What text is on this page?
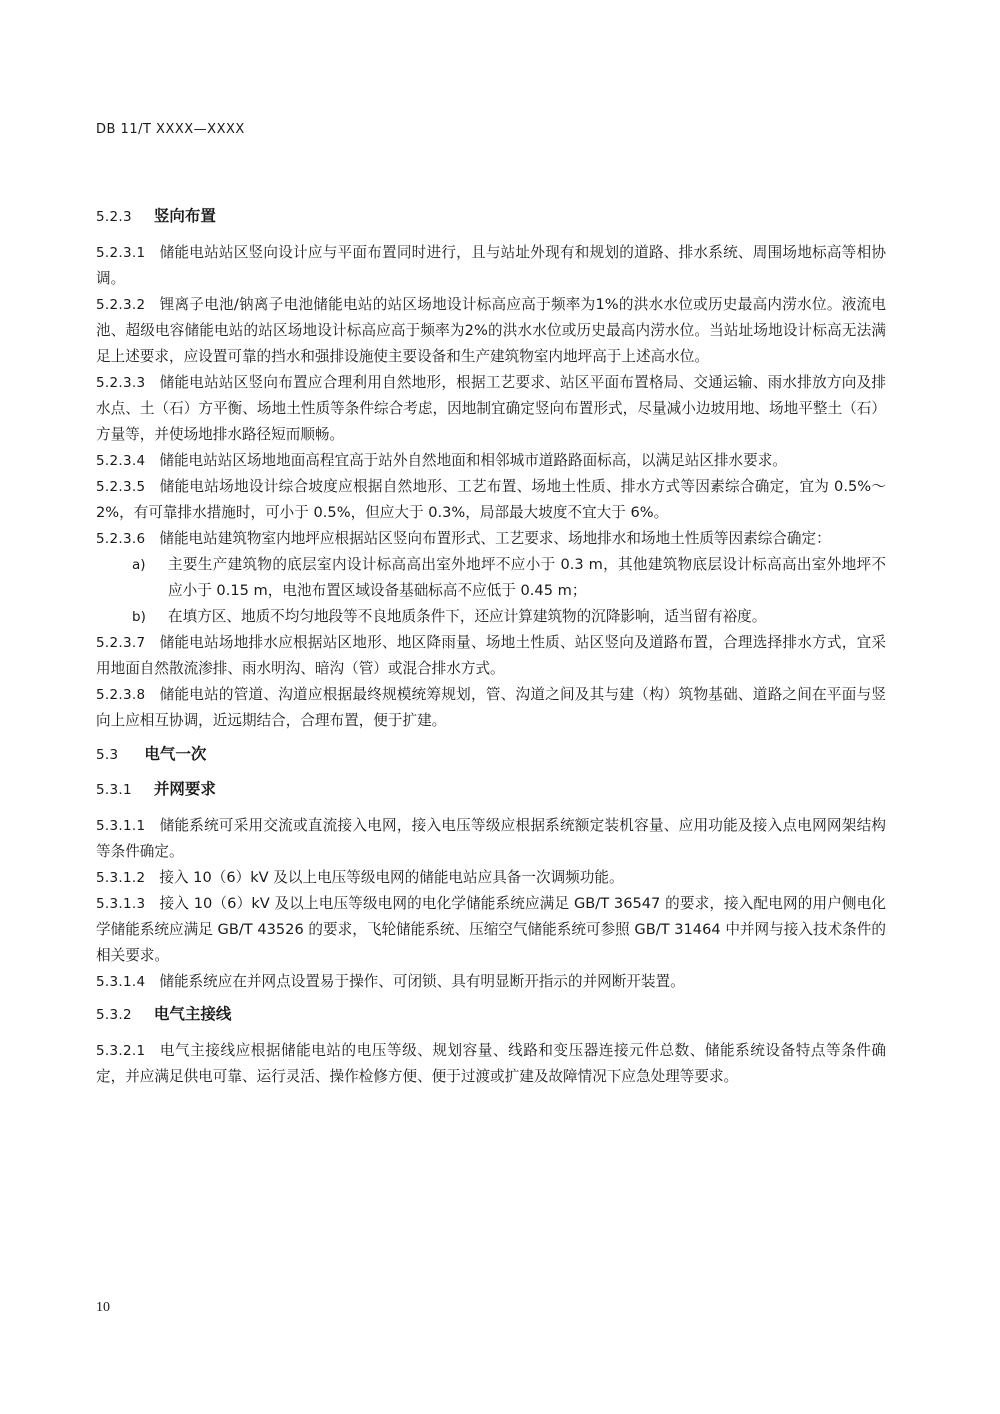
DB 11/T XXXX—XXXX
5.2.3 竖向布置

5.2.3.1 储能电站站区竖向设计应与平面布置同时进行，且与站址外现有和规划的道路、排水系统、周围场地标高等相协调。

5.2.3.2 锂离子电池/钠离子电池储能电站的站区场地设计标高应高于频率为1%的洪水水位或历史最高内涝水位。液流电池、超级电容储能电站的站区场地设计标高应高于频率为2%的洪水水位或历史最高内涝水位。当站址场地设计标高无法满足上述要求，应设置可靠的挡水和强排设施使主要设备和生产建筑物室内地坪高于上述高水位。

5.2.3.3 储能电站站区竖向布置应合理利用自然地形，根据工艺要求、站区平面布置格局、交通运输、雨水排放方向及排水点、土（石）方平衡、场地土性质等条件综合考虑，因地制宜确定竖向布置形式，尽量减小边坡用地、场地平整土（石）方量等，并使场地排水路径短而顺畅。

5.2.3.4 储能电站站区场地地面高程宜高于站外自然地面和相邻城市道路路面标高，以满足站区排水要求。

5.2.3.5 储能电站场地设计综合坡度应根据自然地形、工艺布置、场地土性质、排水方式等因素综合确定，宜为 0.5%～2%，有可靠排水措施时，可小于 0.5%，但应大于 0.3%，局部最大坡度不宜大于 6%。

5.2.3.6 储能电站建筑物室内地坪应根据站区竖向布置形式、工艺要求、场地排水和场地土性质等因素综合确定：

a)	主要生产建筑物的底层室内设计标高高出室外地坪不应小于 0.3 m，其他建筑物底层设计标高高出室外地坪不应小于 0.15 m，电池布置区域设备基础标高不应低于 0.45 m；
b)	在填方区、地质不均匀地段等不良地质条件下，还应计算建筑物的沉降影响，适当留有裕度。

5.2.3.7 储能电站场地排水应根据站区地形、地区降雨量、场地土性质、站区竖向及道路布置，合理选择排水方式，宜采用地面自然散流渗排、雨水明沟、暗沟（管）或混合排水方式。

5.2.3.8 储能电站的管道、沟道应根据最终规模统筹规划，管、沟道之间及其与建（构）筑物基础、道路之间在平面与竖向上应相互协调，近远期结合，合理布置，便于扩建。

5.3 电气一次
5.3.1 并网要求

5.3.1.1 储能系统可采用交流或直流接入电网，接入电压等级应根据系统额定装机容量、应用功能及接入点电网网架结构等条件确定。

5.3.1.2 接入 10（6）kV 及以上电压等级电网的储能电站应具备一次调频功能。

5.3.1.3 接入 10（6）kV 及以上电压等级电网的电化学储能系统应满足 GB/T 36547 的要求，接入配电网的用户侧电化学储能系统应满足 GB/T 43526 的要求，飞轮储能系统、压缩空气储能系统可参照 GB/T 31464 中并网与接入技术条件的相关要求。

5.3.1.4 储能系统应在并网点设置易于操作、可闭锁、具有明显断开指示的并网断开装置。

5.3.2 电气主接线

5.3.2.1 电气主接线应根据储能电站的电压等级、规划容量、线路和变压器连接元件总数、储能系统设备特点等条件确定，并应满足供电可靠、运行灵活、操作检修方便、便于过渡或扩建及故障情况下应急处理等要求。

10
